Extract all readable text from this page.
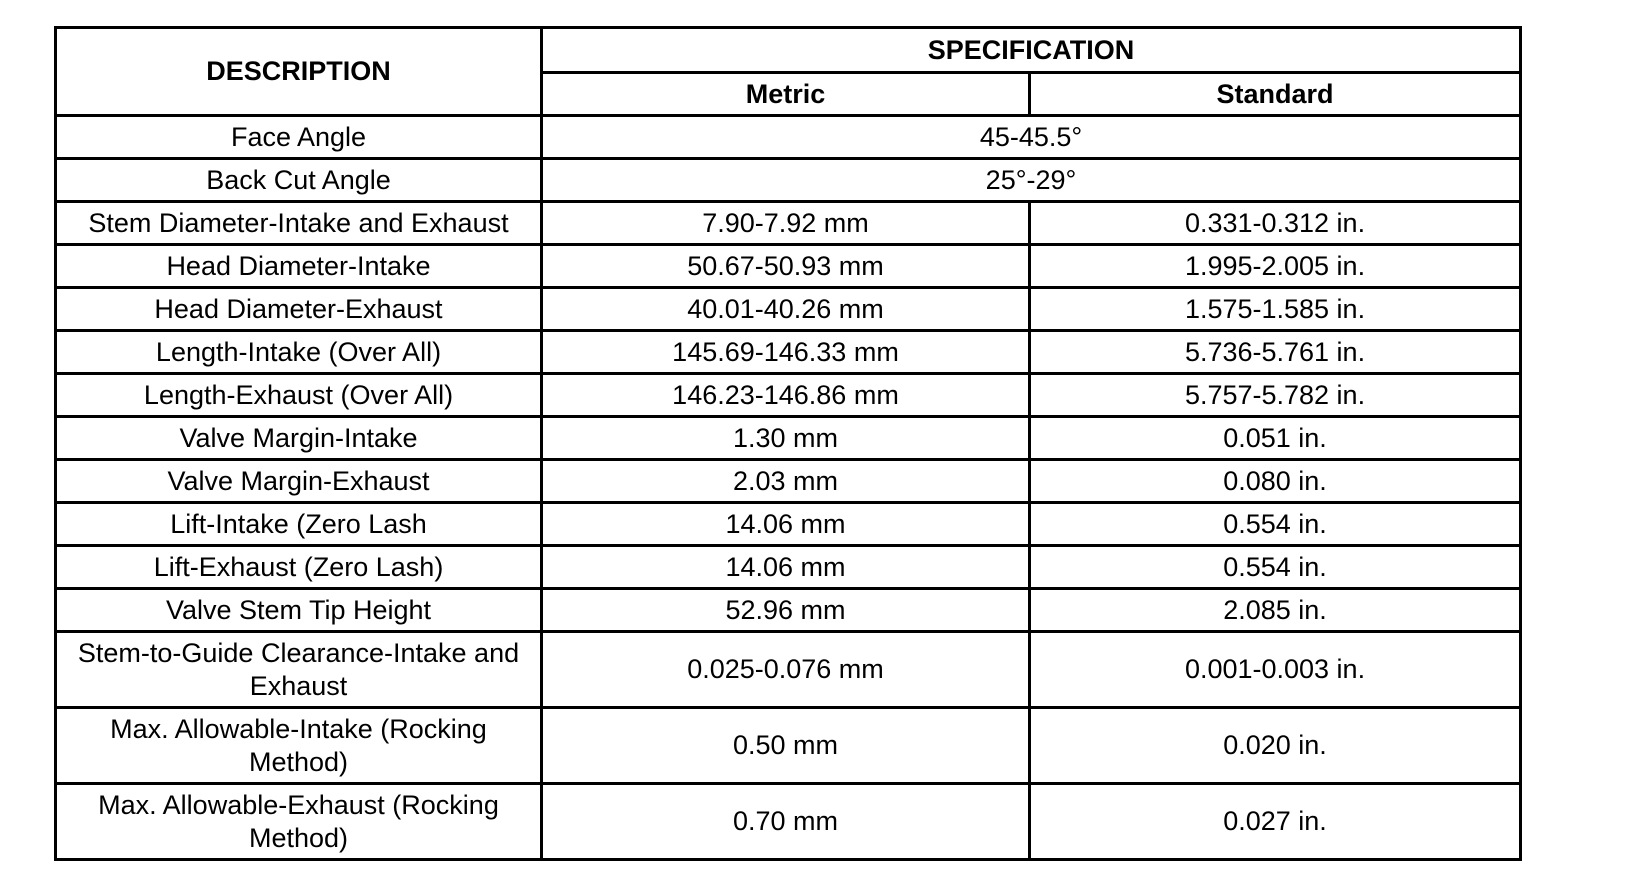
DESCRIPTION	SPECIFICATION	
	Metric	Standard
Face Angle	45-45.5°	
Back Cut Angle	25°-29°	
Stem Diameter-Intake and Exhaust	7.90-7.92 mm	0.331-0.312 in.
Head Diameter-Intake	50.67-50.93 mm	1.995-2.005 in.
Head Diameter-Exhaust	40.01-40.26 mm	1.575-1.585 in.
Length-Intake (Over All)	145.69-146.33 mm	5.736-5.761 in.
Length-Exhaust (Over All)	146.23-146.86 mm	5.757-5.782 in.
Valve Margin-Intake	1.30 mm	0.051 in.
Valve Margin-Exhaust	2.03 mm	0.080 in.
Lift-Intake (Zero Lash	14.06 mm	0.554 in.
Lift-Exhaust (Zero Lash)	14.06 mm	0.554 in.
Valve Stem Tip Height	52.96 mm	2.085 in.
Stem-to-Guide Clearance-Intake and Exhaust	0.025-0.076 mm	0.001-0.003 in.
Max. Allowable-Intake (Rocking Method)	0.50 mm	0.020 in.
Max. Allowable-Exhaust (Rocking Method)	0.70 mm	0.027 in.
